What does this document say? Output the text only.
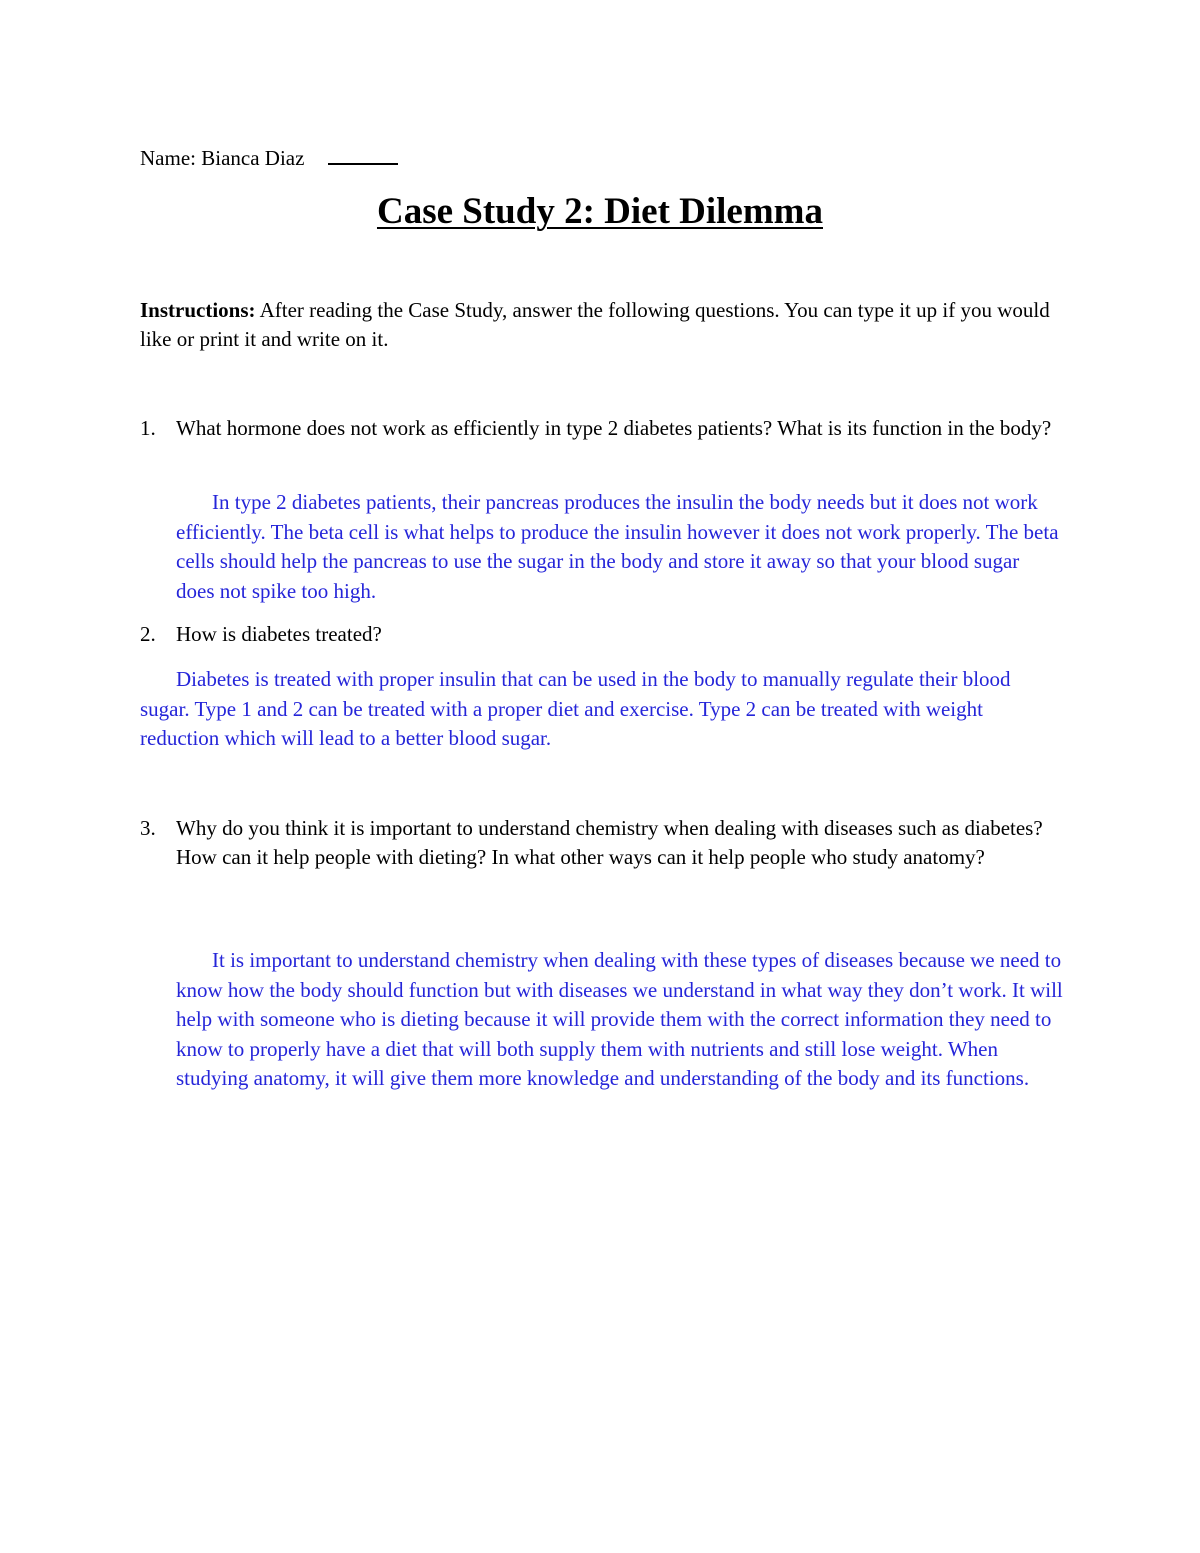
Name: Bianca Diaz
Case Study 2: Diet Dilemma
Instructions: After reading the Case Study, answer the following questions. You can type it up if you would like or print it and write on it.
1. What hormone does not work as efficiently in type 2 diabetes patients? What is its function in the body?
In type 2 diabetes patients, their pancreas produces the insulin the body needs but it does not work efficiently. The beta cell is what helps to produce the insulin however it does not work properly. The beta cells should help the pancreas to use the sugar in the body and store it away so that your blood sugar does not spike too high.
2. How is diabetes treated?
Diabetes is treated with proper insulin that can be used in the body to manually regulate their blood sugar. Type 1 and 2 can be treated with a proper diet and exercise. Type 2 can be treated with weight reduction which will lead to a better blood sugar.
3. Why do you think it is important to understand chemistry when dealing with diseases such as diabetes? How can it help people with dieting? In what other ways can it help people who study anatomy?
It is important to understand chemistry when dealing with these types of diseases because we need to know how the body should function but with diseases we understand in what way they don’t work. It will help with someone who is dieting because it will provide them with the correct information they need to know to properly have a diet that will both supply them with nutrients and still lose weight. When studying anatomy, it will give them more knowledge and understanding of the body and its functions.
